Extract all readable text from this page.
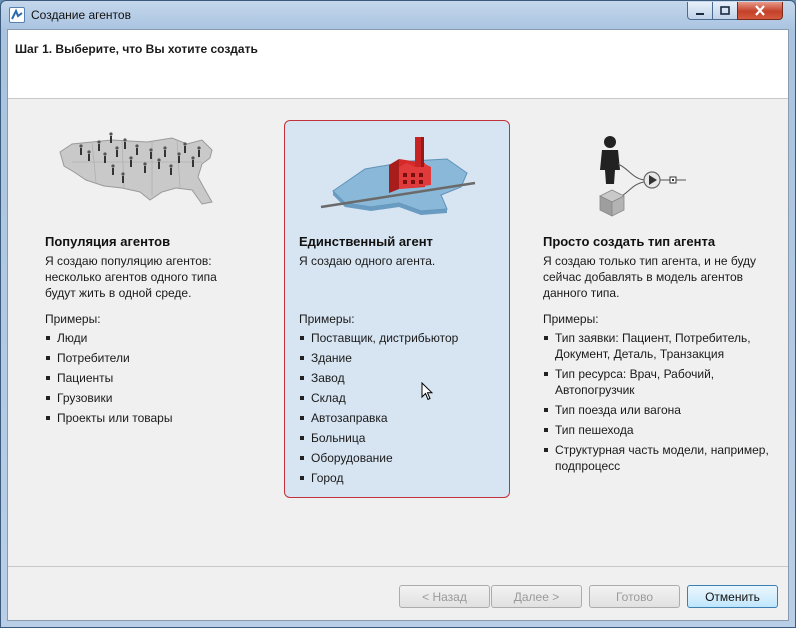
Создание агентов
Шаг 1. Выберите, что Вы хотите создать
Популяция агентов
Я создаю популяцию агентов: несколько агентов одного типа будут жить в одной среде.
Примеры:
Люди
Потребители
Пациенты
Грузовики
Проекты или товары
Единственный агент
Я создаю одного агента.
Примеры:
Поставщик, дистрибьютор
Здание
Завод
Склад
Автозаправка
Больница
Оборудование
Город
Просто создать тип агента
Я создаю только тип агента, и не буду сейчас добавлять в модель агентов данного типа.
Примеры:
Тип заявки: Пациент, Потребитель, Документ, Деталь, Транзакция
Тип ресурса: Врач, Рабочий, Автопогрузчик
Тип поезда или вагона
Тип пешехода
Структурная часть модели, например, подпроцесс
< Назад	Далее >	Готово	Отменить
